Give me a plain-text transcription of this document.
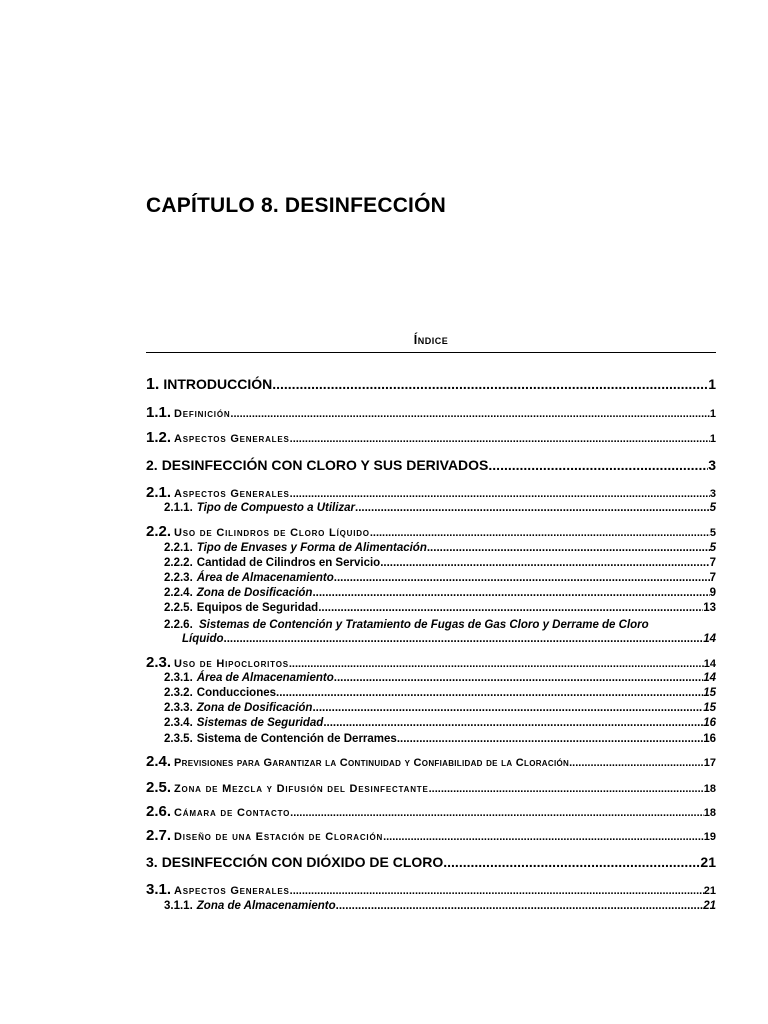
CAPÍTULO 8. DESINFECCIÓN
Índice
1. INTRODUCCIÓN .....	1
1.1. Definición .....	1
1.2. Aspectos Generales .....	1
2. DESINFECCIÓN CON CLORO Y SUS DERIVADOS .....	3
2.1. Aspectos Generales .....	3
2.1.1. Tipo de Compuesto a Utilizar .....	5
2.2. Uso de Cilindros de Cloro Líquido .....	5
2.2.1. Tipo de Envases y Forma de Alimentación .....	5
2.2.2. Cantidad de Cilindros en Servicio .....	7
2.2.3. Área de Almacenamiento .....	7
2.2.4. Zona de Dosificación .....	9
2.2.5. Equipos de Seguridad .....	13
2.2.6. Sistemas de Contención y Tratamiento de Fugas de Gas Cloro y Derrame de Cloro
Líquido .....	14
2.3. Uso de Hipocloritos .....	14
2.3.1. Área de Almacenamiento .....	14
2.3.2. Conducciones .....	15
2.3.3. Zona de Dosificación .....	15
2.3.4. Sistemas de Seguridad .....	16
2.3.5. Sistema de Contención de Derrames .....	16
2.4. Previsiones para Garantizar la Continuidad y Confiabilidad de la Cloración .....	17
2.5. Zona de Mezcla y Difusión del Desinfectante .....	18
2.6. Cámara de Contacto .....	18
2.7. Diseño de una Estación de Cloración .....	19
3. DESINFECCIÓN CON DIÓXIDO DE CLORO .....	21
3.1. Aspectos Generales .....	21
3.1.1. Zona de Almacenamiento .....	21
